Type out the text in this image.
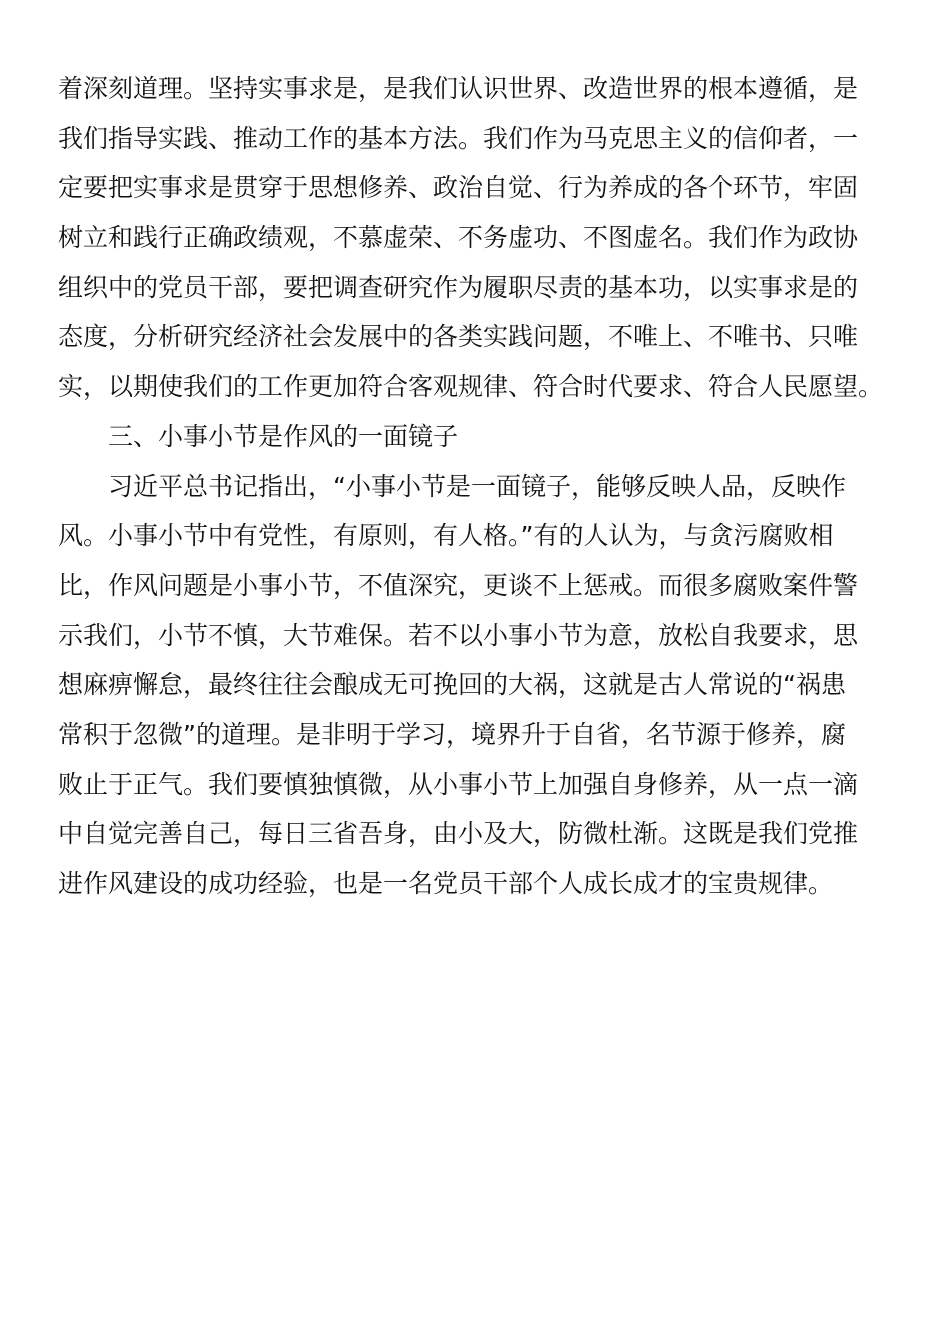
着深刻道理。坚持实事求是，是我们认识世界、改造世界的根本遵循，是
我们指导实践、推动工作的基本方法。我们作为马克思主义的信仰者，一
定要把实事求是贯穿于思想修养、政治自觉、行为养成的各个环节，牢固
树立和践行正确政绩观，不慕虚荣、不务虚功、不图虚名。我们作为政协
组织中的党员干部，要把调查研究作为履职尽责的基本功，以实事求是的
态度，分析研究经济社会发展中的各类实践问题，不唯上、不唯书、只唯
实，以期使我们的工作更加符合客观规律、符合时代要求、符合人民愿望。
三、小事小节是作风的一面镜子
习近平总书记指出，“小事小节是一面镜子，能够反映人品，反映作
风。小事小节中有党性，有原则，有人格。”有的人认为，与贪污腐败相
比，作风问题是小事小节，不值深究，更谈不上惩戒。而很多腐败案件警
示我们，小节不慎，大节难保。若不以小事小节为意，放松自我要求，思
想麻痹懈怠，最终往往会酿成无可挽回的大祸，这就是古人常说的“祸患
常积于忽微”的道理。是非明于学习，境界升于自省，名节源于修养，腐
败止于正气。我们要慎独慎微，从小事小节上加强自身修养，从一点一滴
中自觉完善自己，每日三省吾身，由小及大，防微杜渐。这既是我们党推
进作风建设的成功经验，也是一名党员干部个人成长成才的宝贵规律。
